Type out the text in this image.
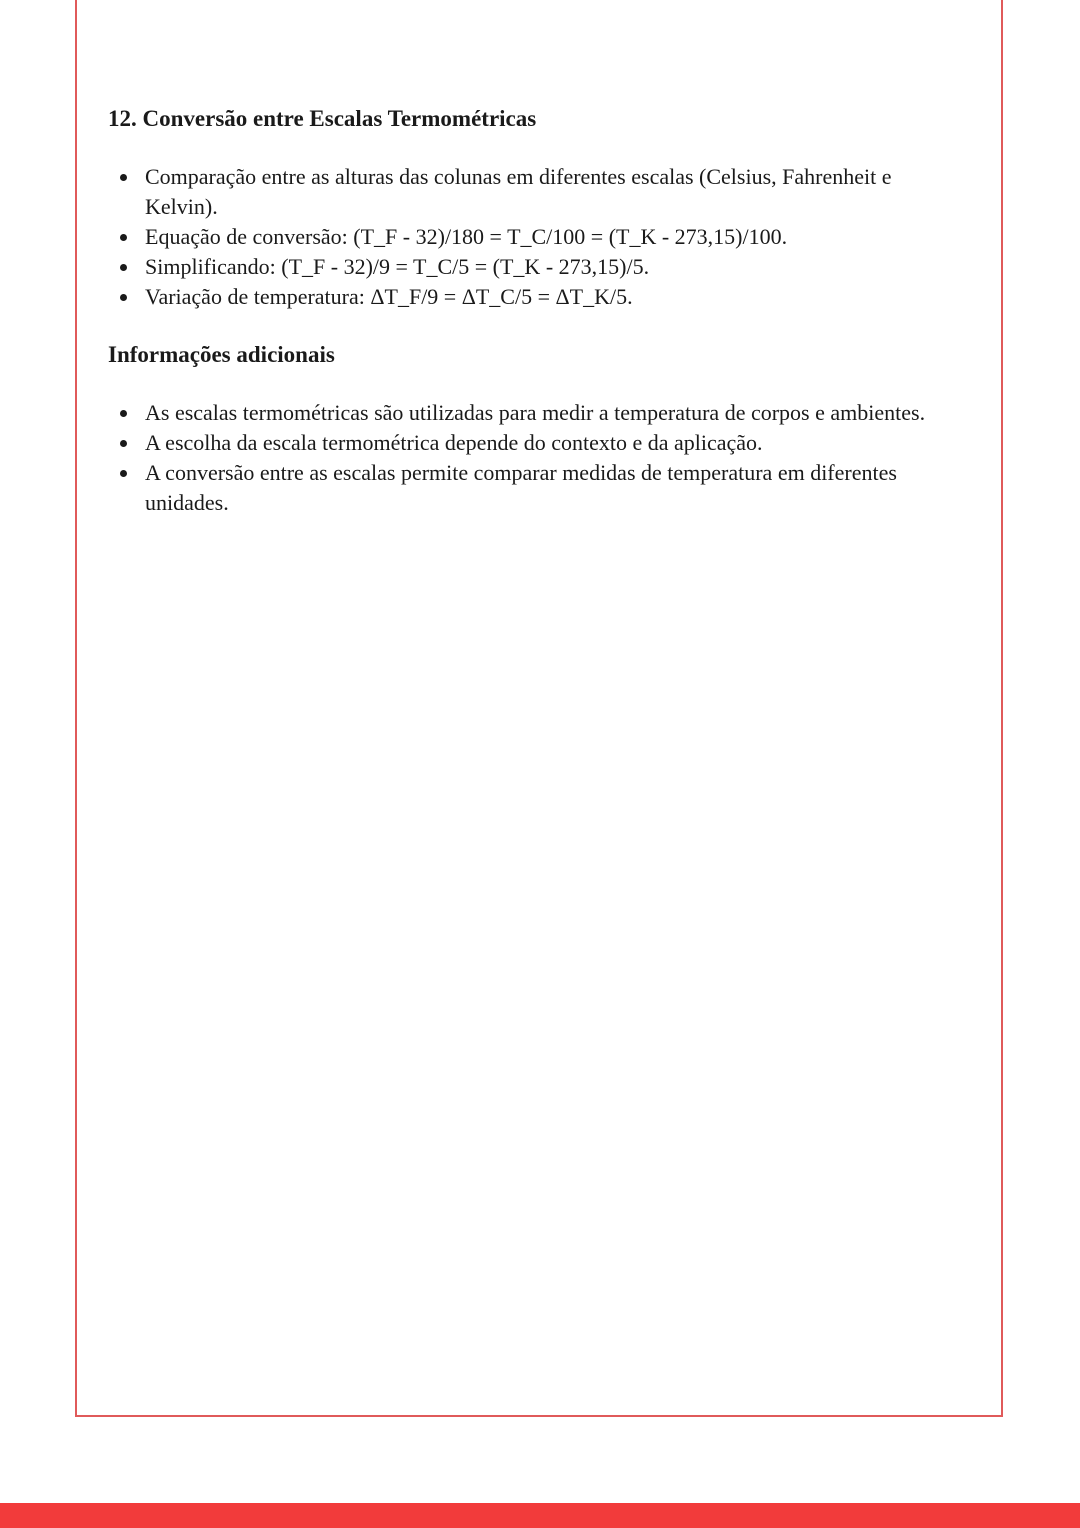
12. Conversão entre Escalas Termométricas
Comparação entre as alturas das colunas em diferentes escalas (Celsius, Fahrenheit e Kelvin).
Equação de conversão: (T_F - 32)/180 = T_C/100 = (T_K - 273,15)/100.
Simplificando: (T_F - 32)/9 = T_C/5 = (T_K - 273,15)/5.
Variação de temperatura: ΔT_F/9 = ΔT_C/5 = ΔT_K/5.
Informações adicionais
As escalas termométricas são utilizadas para medir a temperatura de corpos e ambientes.
A escolha da escala termométrica depende do contexto e da aplicação.
A conversão entre as escalas permite comparar medidas de temperatura em diferentes unidades.
